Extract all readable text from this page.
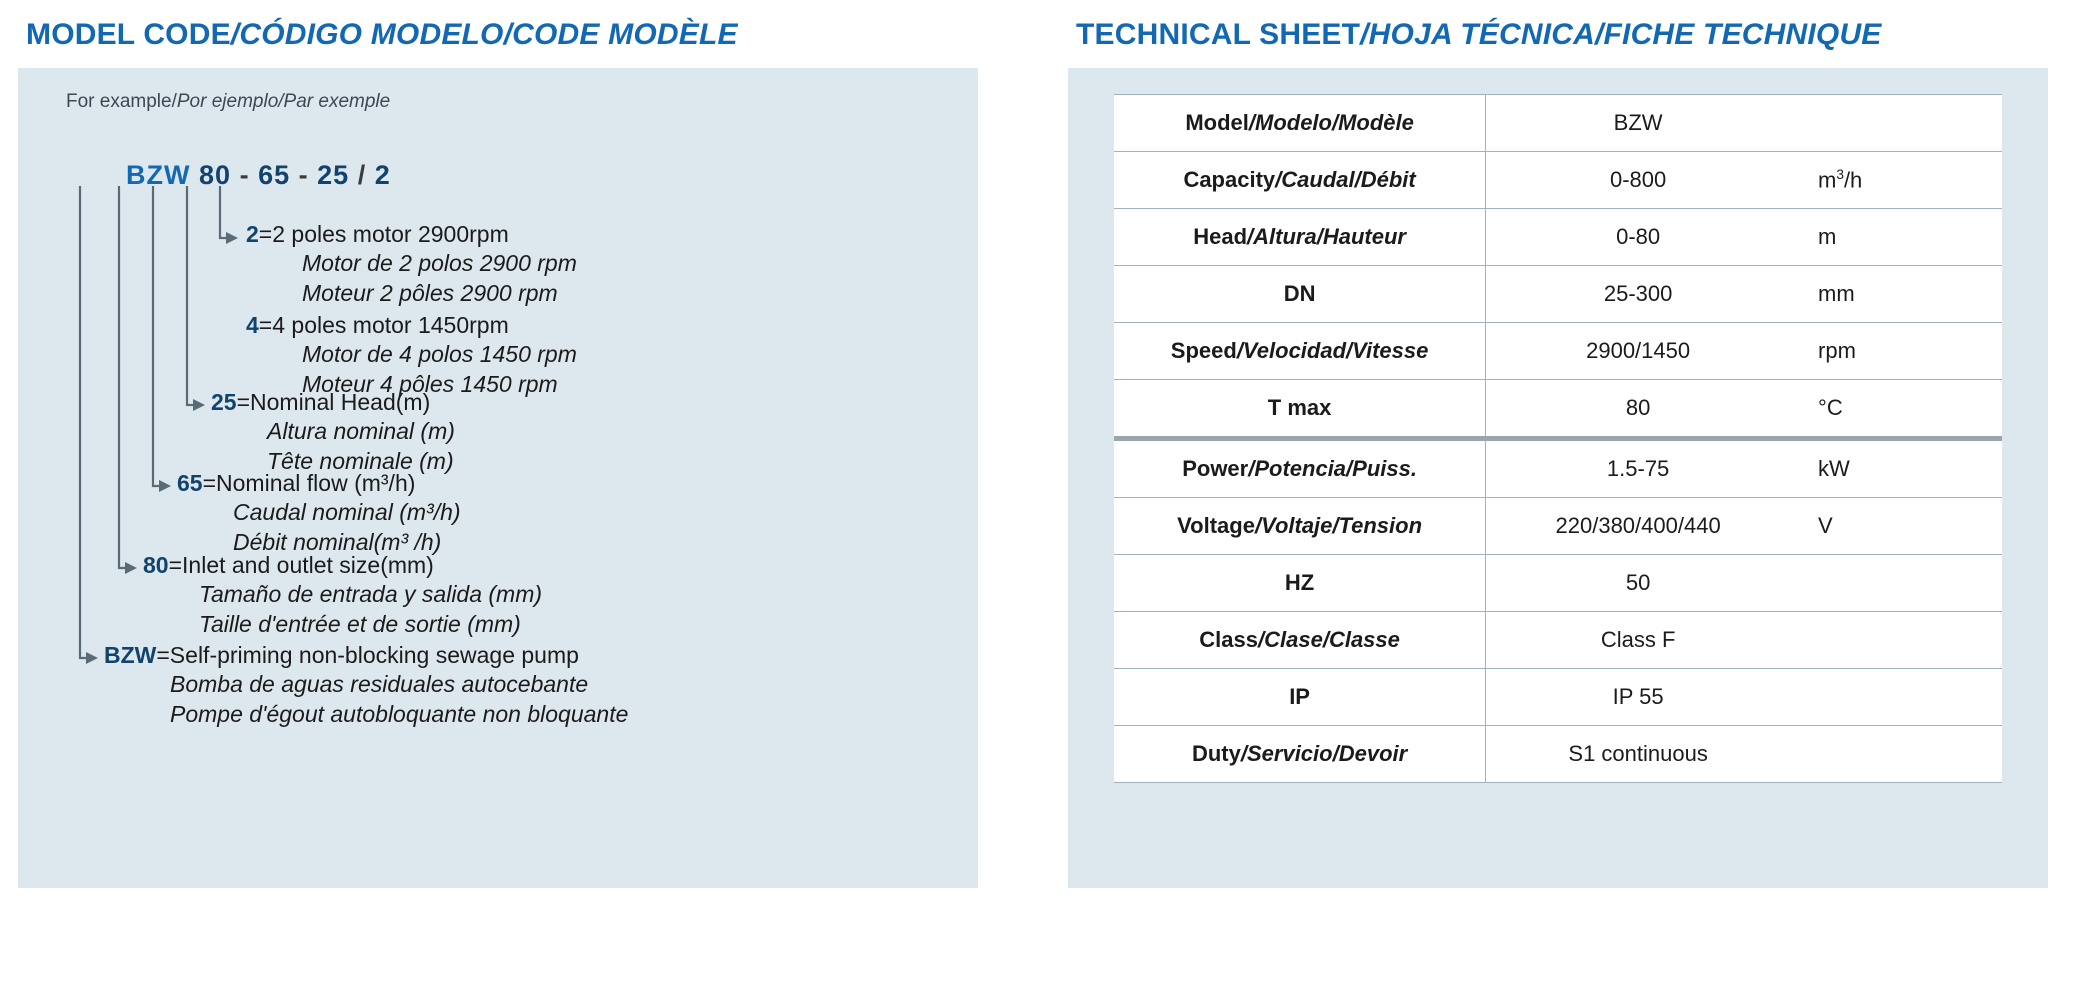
MODEL CODE/CÓDIGO MODELO/CODE MODÈLE
For example/Por ejemplo/Par exemple
BZW 80 - 65 - 25 / 2
2=2 poles motor 2900rpm
Motor de 2 polos 2900 rpm
Moteur 2 pôles 2900 rpm
4=4 poles motor 1450rpm
Motor de 4 polos 1450 rpm
Moteur 4 pôles 1450 rpm
25=Nominal Head(m)
Altura nominal (m)
Tête nominale (m)
65=Nominal flow (m³/h)
Caudal nominal (m³/h)
Débit nominal(m³ /h)
80=Inlet and outlet size(mm)
Tamaño de entrada y salida (mm)
Taille d'entrée et de sortie (mm)
BZW=Self-priming non-blocking sewage pump
Bomba de aguas residuales autocebante
Pompe d'égout autobloquante non bloquante
TECHNICAL SHEET/HOJA TÉCNICA/FICHE TECHNIQUE
Model/Modelo/Modèle	BZW	
Capacity/Caudal/Débit	0-800	$m^3/h$
Head/Altura/Hauteur	0-80	m
DN	25-300	mm
Speed/Velocidad/Vitesse	2900/1450	rpm
T max	80	°C
Power/Potencia/Puiss.	1.5-75	kW
Voltage/Voltaje/Tension	220/380/400/440	V
HZ	50	
Class/Clase/Classe	Class F	
IP	IP 55	
Duty/Servicio/Devoir	S1 continuous	
